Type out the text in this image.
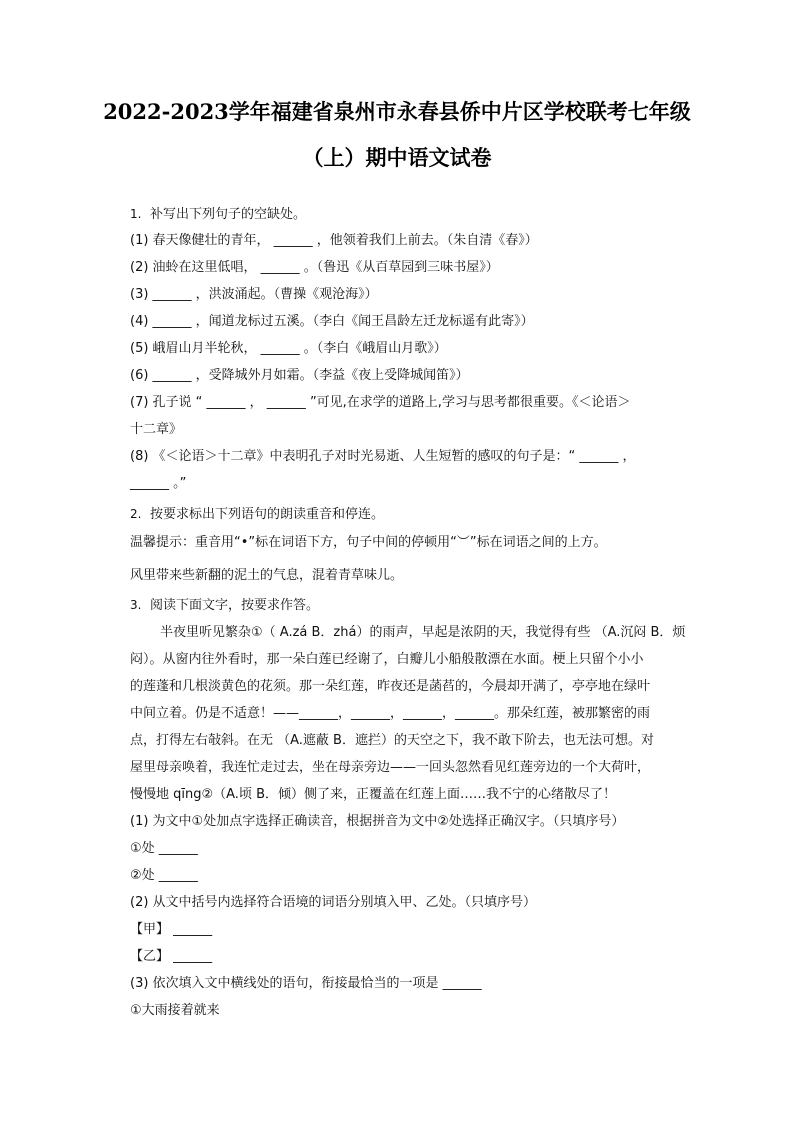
2022-2023学年福建省泉州市永春县侨中片区学校联考七年级
（上）期中语文试卷
1. 补写出下列句子的空缺处。
(1) 春天像健壮的青年， ______ ，他领着我们上前去。（朱自清《春》）
(2) 油蛉在这里低唱， ______ 。（鲁迅《从百草园到三味书屋》）
(3) ______ ，洪波涌起。（曹操《观沧海》）
(4) ______ ，闻道龙标过五溪。（李白《闻王昌龄左迁龙标遥有此寄》）
(5) 峨眉山月半轮秋， ______ 。（李白《峨眉山月歌》）
(6) ______ ，受降城外月如霜。（李益《夜上受降城闻笛》）
(7) 孔子说 “ ______ ， ______ ”可见,在求学的道路上,学习与思考都很重要。《＜论语＞
十二章》
(8) 《＜论语＞十二章》中表明孔子对时光易逝、人生短暂的感叹的句子是：“ ______ ，
______ 。”
2. 按要求标出下列语句的朗读重音和停连。
温馨提示：重音用“•”标在词语下方，句子中间的停顿用“︶”标在词语之间的上方。
风里带来些新翻的泥土的气息，混着青草味儿。
3. 阅读下面文字，按要求作答。
半夜里听见繁杂①（ A.zá B．zhá）的雨声，早起是浓阴的天，我觉得有些 （A.沉闷 B．烦
闷）。从窗内往外看时，那一朵白莲已经谢了，白瓣儿小船般散漂在水面。梗上只留个小小
的莲蓬和几根淡黄色的花须。那一朵红莲，昨夜还是菡萏的，今晨却开满了，亭亭地在绿叶
中间立着。仍是不适意！——______，______，______，______。那朵红莲，被那繁密的雨
点，打得左右敧斜。在无 （A.遮蔽 B．遮拦）的天空之下，我不敢下阶去，也无法可想。对
屋里母亲唤着，我连忙走过去，坐在母亲旁边——一回头忽然看见红莲旁边的一个大荷叶，
慢慢地 qīng②（A.顷 B．倾）侧了来，正覆盖在红莲上面……我不宁的心绪散尽了！
(1) 为文中①处加点字选择正确读音，根据拼音为文中②处选择正确汉字。（只填序号）
①处 ______
②处 ______
(2) 从文中括号内选择符合语境的词语分别填入甲、乙处。（只填序号）
【甲】 ______
【乙】 ______
(3) 依次填入文中横线处的语句，衔接最恰当的一项是 ______
①大雨接着就来
